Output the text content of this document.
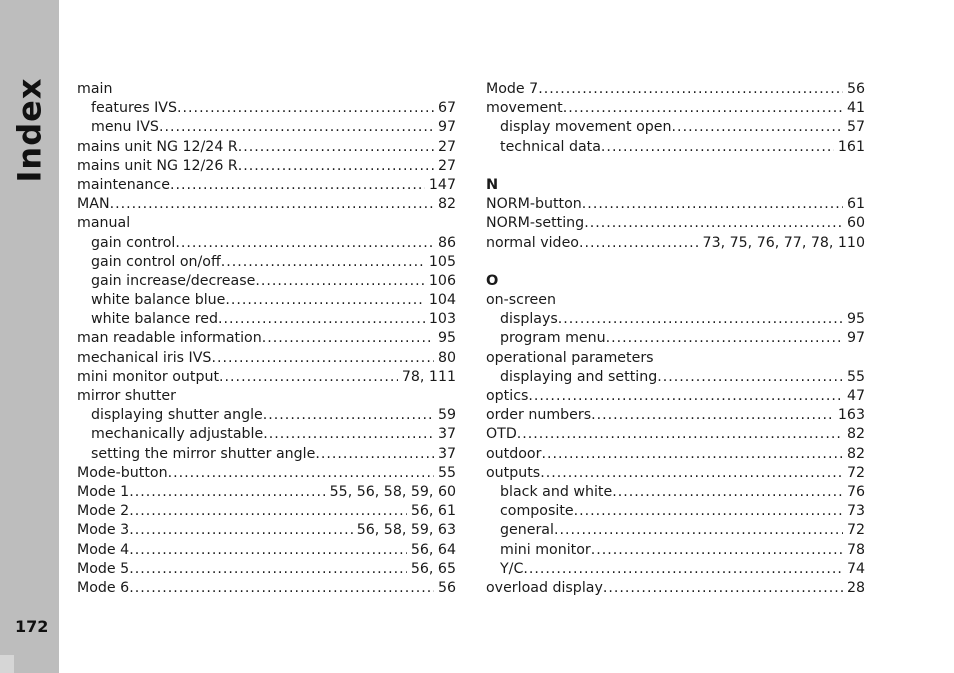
Index
172
main
features IVS .....	67
menu IVS .....	97
mains unit NG 12/24 R .....	27
mains unit NG 12/26 R .....	27
maintenance .....	147
MAN .....	82
manual
gain control .....	86
gain control on/off .....	105
gain increase/decrease .....	106
white balance blue .....	104
white balance red .....	103
man readable information .....	95
mechanical iris IVS .....	80
mini monitor output .....	78, 111
mirror shutter
displaying shutter angle .....	59
mechanically adjustable .....	37
setting the mirror shutter angle .....	37
Mode-button .....	55
Mode 1 .....	55, 56, 58, 59, 60
Mode 2 .....	56, 61
Mode 3 .....	56, 58, 59, 63
Mode 4 .....	56, 64
Mode 5 .....	56, 65
Mode 6 .....	56
Mode 7 .....	56
movement .....	41
display movement open .....	57
technical data .....	161
N
NORM-button .....	61
NORM-setting .....	60
normal video .....	73, 75, 76, 77, 78, 110
O
on-screen
displays .....	95
program menu .....	97
operational parameters
displaying and setting .....	55
optics .....	47
order numbers .....	163
OTD .....	82
outdoor .....	82
outputs .....	72
black and white .....	76
composite .....	73
general .....	72
mini monitor .....	78
Y/C .....	74
overload display .....	28
